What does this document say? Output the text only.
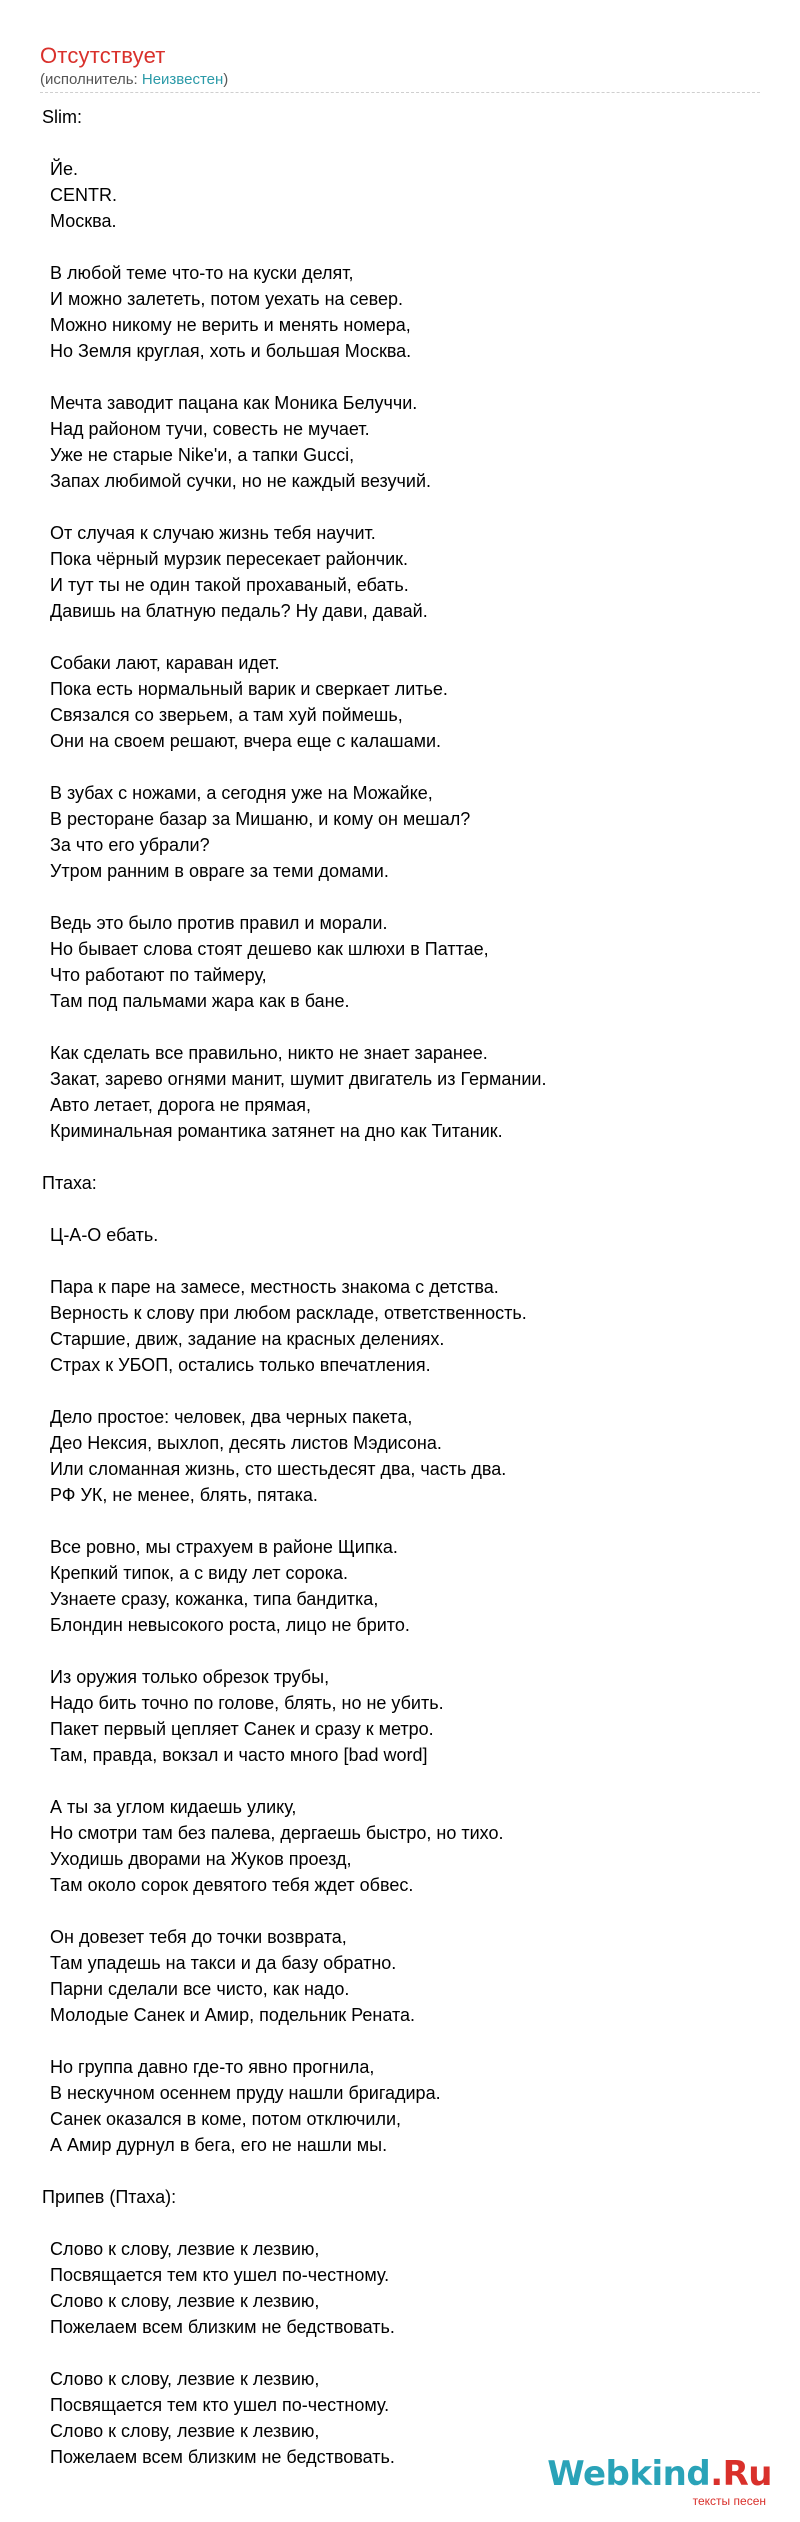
Отсутствует
(исполнитель: Неизвестен)
Slim:
Йе.
CENTR.
Москва.
В любой теме что-то на куски делят,
И можно залететь, потом уехать на север.
Можно никому не верить и менять номера,
Но Земля круглая, хоть и большая Москва.
Мечта заводит пацана как Моника Белуччи.
Над районом тучи, совесть не мучает.
Уже не старые Nike'и, а тапки Gucci,
Запах любимой сучки, но не каждый везучий.
От случая к случаю жизнь тебя научит.
Пока чёрный мурзик пересекает райончик.
И тут ты не один такой прохаваный, ебать.
Давишь на блатную педаль? Ну дави, давай.
Собаки лают, караван идет.
Пока есть нормальный варик и сверкает литье.
Связался со зверьем, а там хуй поймешь,
Они на своем решают, вчера еще с калашами.
В зубах с ножами, а сегодня уже на Можайке,
В ресторане базар за Мишаню, и кому он мешал?
За что его убрали?
Утром ранним в овраге за теми домами.
Ведь это было против правил и морали.
Но бывает слова стоят дешево как шлюхи в Паттае,
Что работают по таймеру,
Там под пальмами жара как в бане.
Как сделать все правильно, никто не знает заранее.
Закат, зарево огнями манит, шумит двигатель из Германии.
Авто летает, дорога не прямая,
Криминальная романтика затянет на дно как Титаник.
Птаха:
Ц-А-О ебать.
Пара к паре на замесе, местность знакома с детства.
Верность к слову при любом раскладе, ответственность.
Старшие, движ, задание на красных делениях.
Страх к УБОП, остались только впечатления.
Дело простое: человек, два черных пакета,
Део Нексия, выхлоп, десять листов Мэдисона.
Или сломанная жизнь, сто шестьдесят два, часть два.
РФ УК, не менее, блять, пятака.
Все ровно, мы страхуем в районе Щипка.
Крепкий типок, а с виду лет сорока.
Узнаете сразу, кожанка, типа бандитка,
Блондин невысокого роста, лицо не брито.
Из оружия только обрезок трубы,
Надо бить точно по голове, блять, но не убить.
Пакет первый цепляет Санек и сразу к метро.
Там, правда, вокзал и часто много [bad word]
А ты за углом кидаешь улику,
Но смотри там без палева, дергаешь быстро, но тихо.
Уходишь дворами на Жуков проезд,
Там около сорок девятого тебя ждет обвес.
Он довезет тебя до точки возврата,
Там упадешь на такси и да базу обратно.
Парни сделали все чисто, как надо.
Молодые Санек и Амир, подельник Рената.
Но группа давно где-то явно прогнила,
В нескучном осеннем пруду нашли бригадира.
Санек оказался в коме, потом отключили,
А Амир дурнул в бега, его не нашли мы.
Припев (Птаха):
Слово к слову, лезвие к лезвию,
Посвящается тем кто ушел по-честному.
Слово к слову, лезвие к лезвию,
Пожелаем всем близким не бедствовать.
Слово к слову, лезвие к лезвию,
Посвящается тем кто ушел по-честному.
Слово к слову, лезвие к лезвию,
Пожелаем всем близким не бедствовать.	Webkind.Ru
тексты песен
